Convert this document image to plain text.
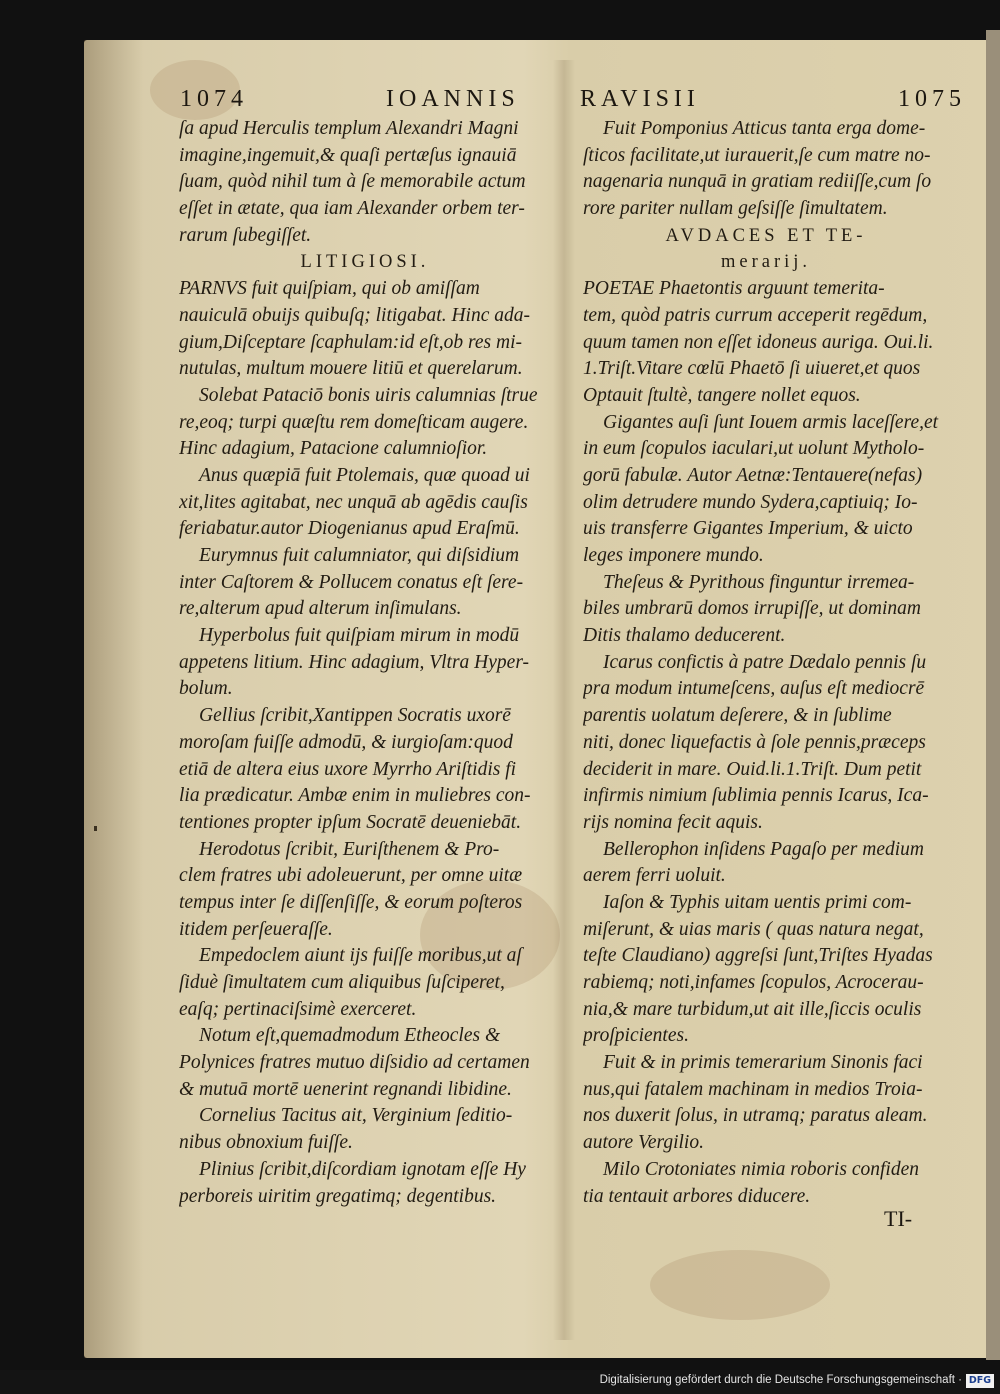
1074	IOANNIS	RAVISII	1075
ſa apud Herculis templum Alexandri Magni
imagine,ingemuit,& quaſi pertæſus ignauiā
ſuam, quòd nihil tum à ſe memorabile actum
eſſet in ætate, qua iam Alexander orbem ter-
rarum ſubegiſſet.
LITIGIOSI.
PARNVS fuit quiſpiam, qui ob amiſſam
nauiculā obuijs quibuſq; litigabat. Hinc ada-
gium,Diſceptare ſcaphulam:id eſt,ob res mi-
nutulas, multum mouere litiū et querelarum.
Solebat Pataciō bonis uiris calumnias ſtrue
re,eoq; turpi quæſtu rem domeſticam augere.
Hinc adagium, Patacione calumnioſior.
Anus quæpiā fuit Ptolemais, quæ quoad ui
xit,lites agitabat, nec unquā ab agēdis cauſis
feriabatur.autor Diogenianus apud Eraſmū.
Eurymnus fuit calumniator, qui diſsidium
inter Caſtorem & Pollucem conatus eſt ſere-
re,alterum apud alterum inſimulans.
Hyperbolus fuit quiſpiam mirum in modū
appetens litium. Hinc adagium, Vltra Hyper-
bolum.
Gellius ſcribit,Xantippen Socratis uxorē
moroſam fuiſſe admodū, & iurgioſam:quod
etiā de altera eius uxore Myrrho Ariſtidis fi
lia prædicatur. Ambæ enim in muliebres con-
tentiones propter ipſum Socratē deueniebāt.
Herodotus ſcribit, Euriſthenem & Pro-
clem fratres ubi adoleuerunt, per omne uitæ
tempus inter ſe diſſenſiſſe, & eorum poſteros
itidem perſeueraſſe.
Empedoclem aiunt ijs fuiſſe moribus,ut aſ
ſiduè ſimultatem cum aliquibus ſuſciperet,
eaſq; pertinaciſsimè exerceret.
Notum eſt,quemadmodum Etheocles &
Polynices fratres mutuo diſsidio ad certamen
& mutuā mortē uenerint regnandi libidine.
Cornelius Tacitus ait, Verginium ſeditio-
nibus obnoxium fuiſſe.
Plinius ſcribit,diſcordiam ignotam eſſe Hy
perboreis uiritim gregatimq; degentibus.
Fuit Pomponius Atticus tanta erga dome-
ſticos facilitate,ut iurauerit,ſe cum matre no-
nagenaria nunquā in gratiam rediiſſe,cum ſo
rore pariter nullam geſsiſſe ſimultatem.
AVDACES ET TE-
merarij.
POETAE Phaetontis arguunt temerita-
tem, quòd patris currum acceperit regēdum,
quum tamen non eſſet idoneus auriga. Oui.li.
1.Triſt.Vitare cœlū Phaetō ſi uiueret,et quos
Optauit ſtultè, tangere nollet equos.
Gigantes auſi ſunt Iouem armis laceſſere,et
in eum ſcopulos iaculari,ut uolunt Mytholo-
gorū fabulæ. Autor Aetnæ:Tentauere(nefas)
olim detrudere mundo Sydera,captiuiq; Io-
uis transferre Gigantes Imperium, & uicto
leges imponere mundo.
Theſeus & Pyrithous finguntur irremea-
biles umbrarū domos irrupiſſe, ut dominam
Ditis thalamo deducerent.
Icarus confictis à patre Dædalo pennis ſu
pra modum intumeſcens, auſus eſt mediocrē
parentis uolatum deſerere, & in ſublime
niti, donec liquefactis à ſole pennis,præceps
deciderit in mare. Ouid.li.1.Triſt. Dum petit
infirmis nimium ſublimia pennis Icarus, Ica-
rijs nomina fecit aquis.
Bellerophon inſidens Pagaſo per medium
aerem ferri uoluit.
Iaſon & Typhis uitam uentis primi com-
miſerunt, & uias maris ( quas natura negat,
teſte Claudiano) aggreſsi ſunt,Triſtes Hyadas
rabiemq; noti,infames ſcopulos, Acrocerau-
nia,& mare turbidum,ut ait ille,ſiccis oculis
proſpicientes.
Fuit & in primis temerarium Sinonis faci
nus,qui fatalem machinam in medios Troia-
nos duxerit ſolus, in utramq; paratus aleam.
autore Vergilio.
Milo Crotoniates nimia roboris confiden
tia tentauit arbores diducere.
TI-
Digitalisierung gefördert durch die Deutsche Forschungsgemeinschaft · DFG
